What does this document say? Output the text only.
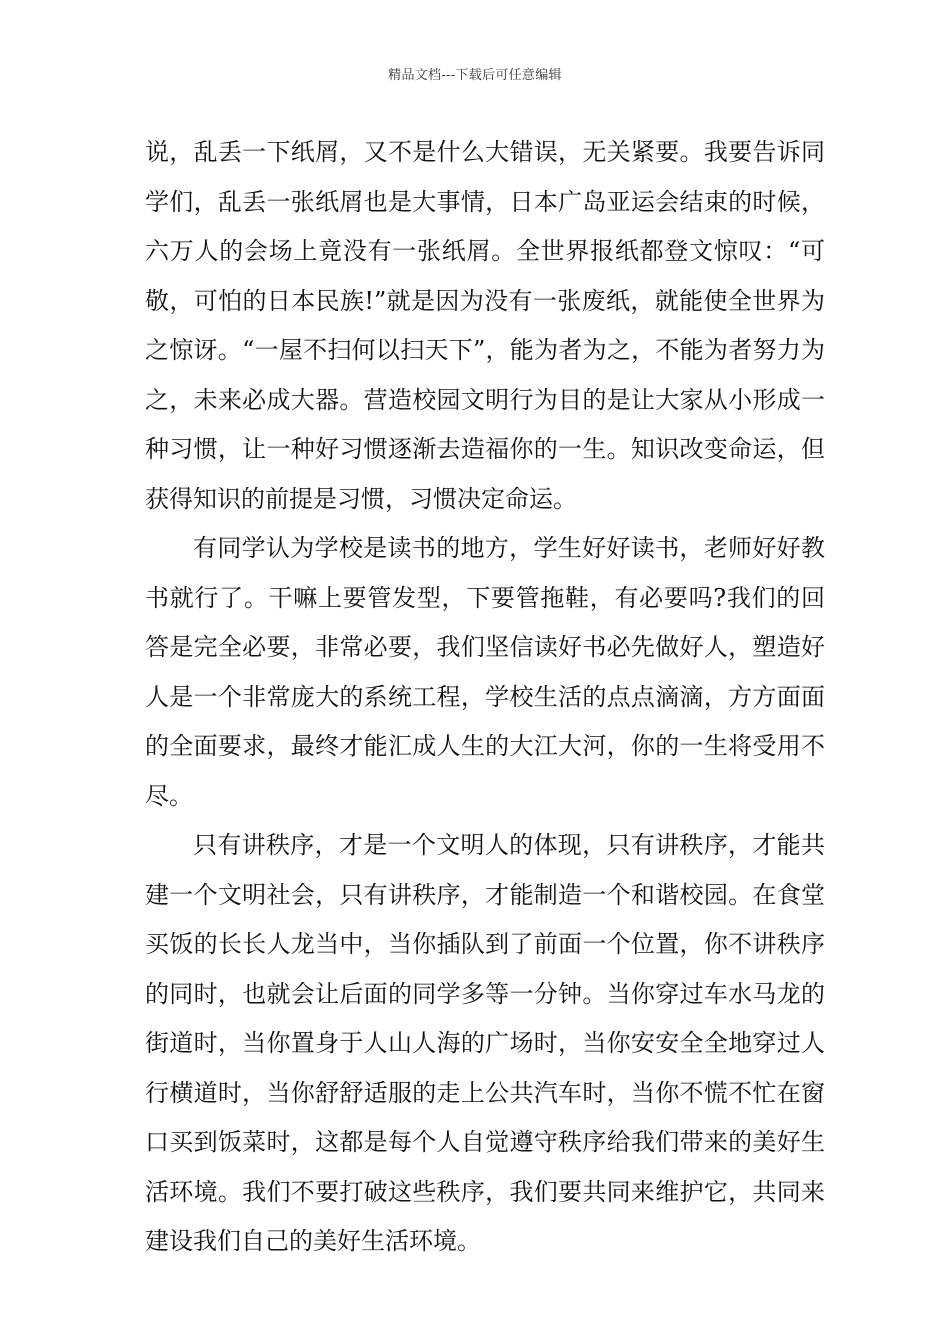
精品文档---下载后可任意编辑

说，乱丢一下纸屑，又不是什么大错误，无关紧要。我要告诉同学们，乱丢一张纸屑也是大事情，日本广岛亚运会结束的时候，六万人的会场上竟没有一张纸屑。全世界报纸都登文惊叹：“可敬，可怕的日本民族!”就是因为没有一张废纸，就能使全世界为之惊讶。“一屋不扫何以扫天下”，能为者为之，不能为者努力为之，未来必成大器。营造校园文明行为目的是让大家从小形成一种习惯，让一种好习惯逐渐去造福你的一生。知识改变命运，但获得知识的前提是习惯，习惯决定命运。

有同学认为学校是读书的地方，学生好好读书，老师好好教书就行了。干嘛上要管发型，下要管拖鞋，有必要吗?我们的回答是完全必要，非常必要，我们坚信读好书必先做好人，塑造好人是一个非常庞大的系统工程，学校生活的点点滴滴，方方面面的全面要求，最终才能汇成人生的大江大河，你的一生将受用不尽。

只有讲秩序，才是一个文明人的体现，只有讲秩序，才能共建一个文明社会，只有讲秩序，才能制造一个和谐校园。在食堂买饭的长长人龙当中，当你插队到了前面一个位置，你不讲秩序的同时，也就会让后面的同学多等一分钟。当你穿过车水马龙的街道时，当你置身于人山人海的广场时，当你安安全全地穿过人行横道时，当你舒舒适服的走上公共汽车时，当你不慌不忙在窗口买到饭菜时，这都是每个人自觉遵守秩序给我们带来的美好生活环境。我们不要打破这些秩序，我们要共同来维护它，共同来建设我们自己的美好生活环境。
